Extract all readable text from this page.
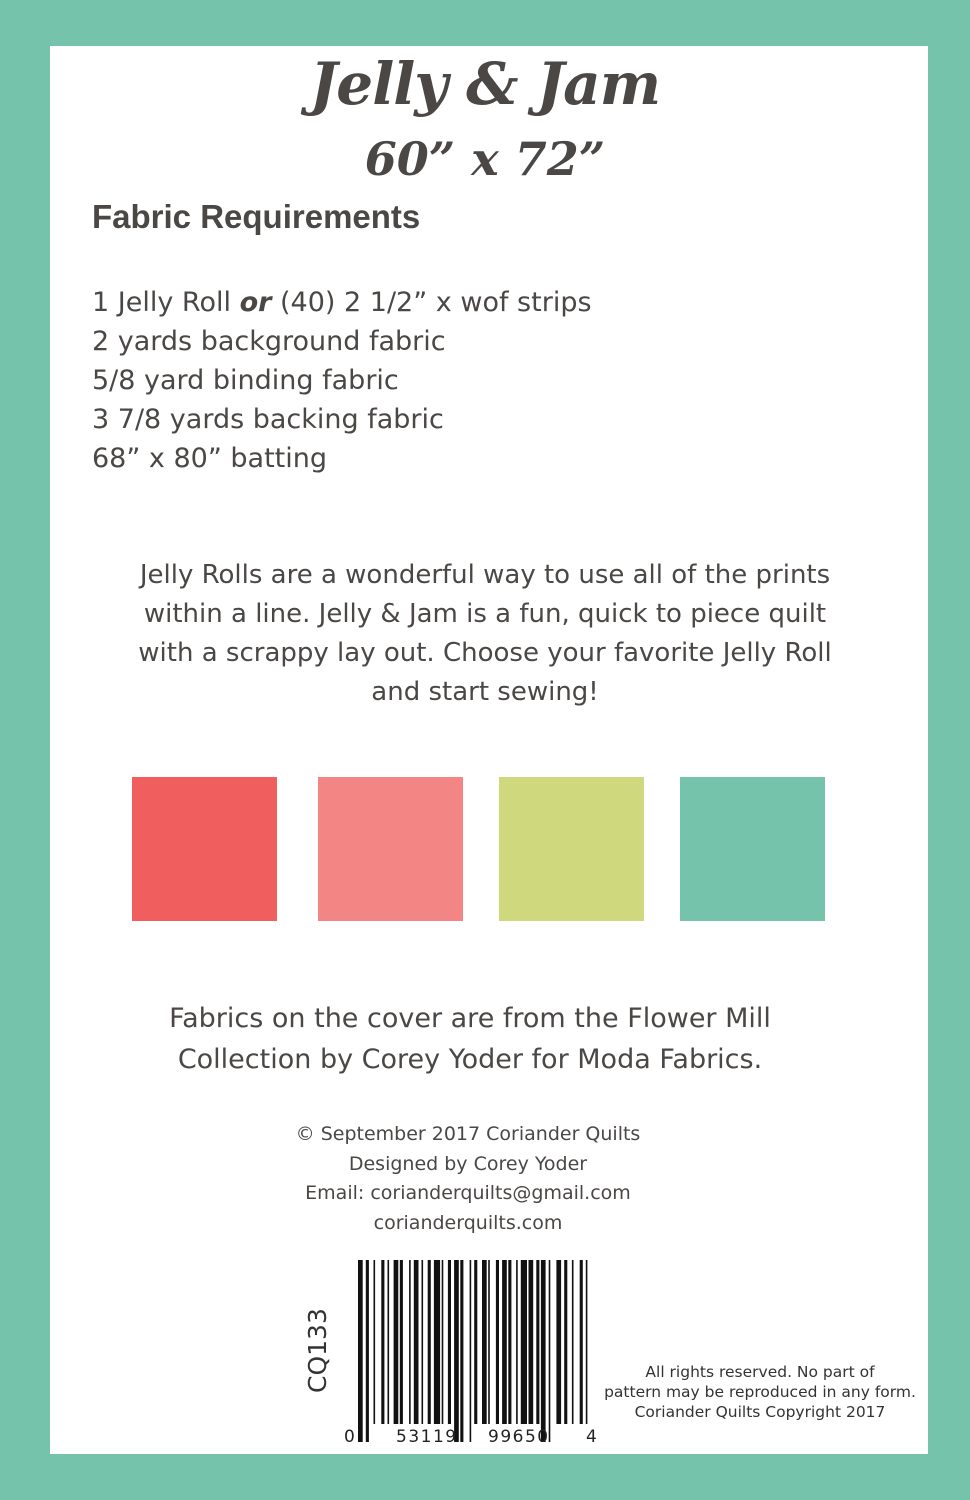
Jelly & Jam
60” x 72”
Fabric Requirements
1 Jelly Roll or (40) 2 1/2” x wof strips
2 yards background fabric
5/8 yard binding fabric
3 7/8 yards backing fabric
68” x 80” batting
Jelly Rolls are a wonderful way to use all of the prints
within a line. Jelly & Jam is a fun, quick to piece quilt
with a scrappy lay out. Choose your favorite Jelly Roll
and start sewing!
Fabrics on the cover are from the Flower Mill
Collection by Corey Yoder for Moda Fabrics.
© September 2017 Coriander Quilts
Designed by Corey Yoder
Email: corianderquilts@gmail.com
corianderquilts.com
CQ133
0 53119 99650 4
All rights reserved. No part of
pattern may be reproduced in any form.
Coriander Quilts Copyright 2017
